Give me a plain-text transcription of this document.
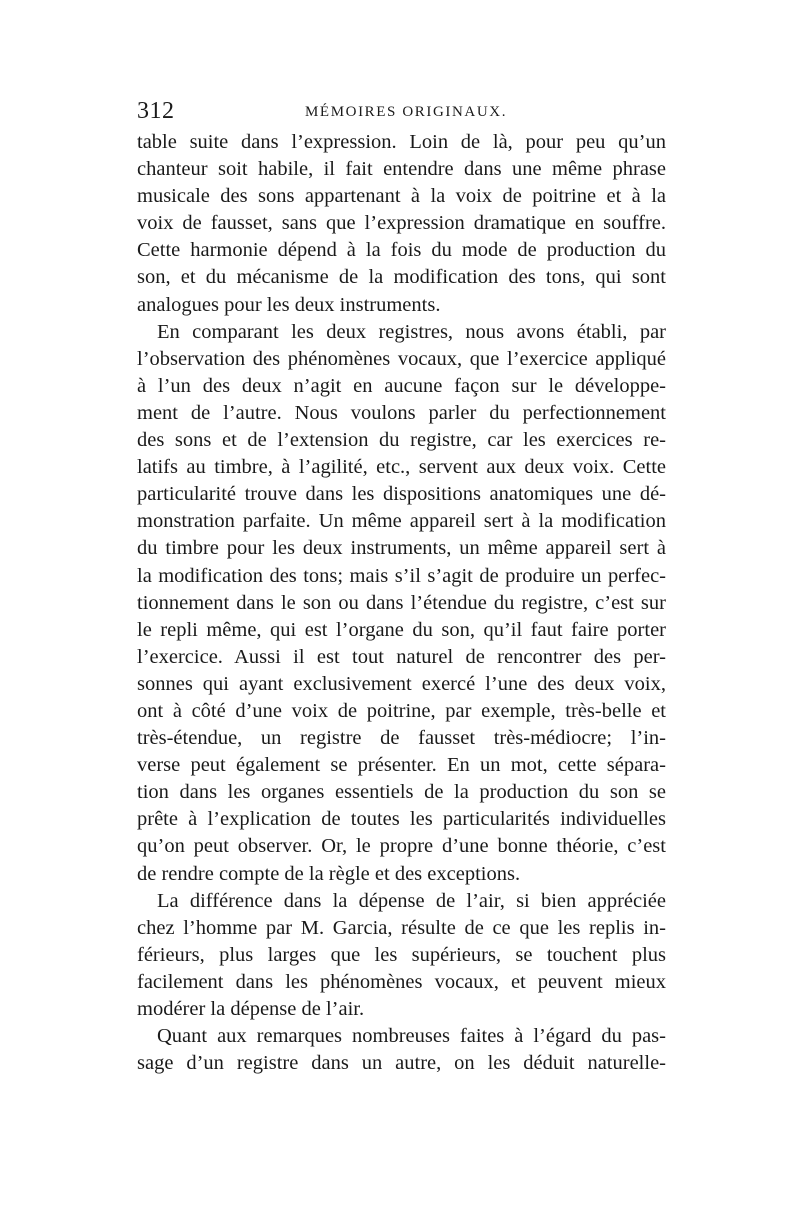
312	MÉMOIRES ORIGINAUX.
table suite dans l’expression. Loin de là, pour peu qu’un
chanteur soit habile, il fait entendre dans une même phrase
musicale des sons appartenant à la voix de poitrine et à la
voix de fausset, sans que l’expression dramatique en souffre.
Cette harmonie dépend à la fois du mode de production du
son, et du mécanisme de la modification des tons, qui sont
analogues pour les deux instruments.
En comparant les deux registres, nous avons établi, par
l’observation des phénomènes vocaux, que l’exercice appliqué
à l’un des deux n’agit en aucune façon sur le développe-
ment de l’autre. Nous voulons parler du perfectionnement
des sons et de l’extension du registre, car les exercices re-
latifs au timbre, à l’agilité, etc., servent aux deux voix. Cette
particularité trouve dans les dispositions anatomiques une dé-
monstration parfaite. Un même appareil sert à la modification
du timbre pour les deux instruments, un même appareil sert à
la modification des tons; mais s’il s’agit de produire un perfec-
tionnement dans le son ou dans l’étendue du registre, c’est sur
le repli même, qui est l’organe du son, qu’il faut faire porter
l’exercice. Aussi il est tout naturel de rencontrer des per-
sonnes qui ayant exclusivement exercé l’une des deux voix,
ont à côté d’une voix de poitrine, par exemple, très-belle et
très-étendue, un registre de fausset très-médiocre; l’in-
verse peut également se présenter. En un mot, cette sépara-
tion dans les organes essentiels de la production du son se
prête à l’explication de toutes les particularités individuelles
qu’on peut observer. Or, le propre d’une bonne théorie, c’est
de rendre compte de la règle et des exceptions.
La différence dans la dépense de l’air, si bien appréciée
chez l’homme par M. Garcia, résulte de ce que les replis in-
férieurs, plus larges que les supérieurs, se touchent plus
facilement dans les phénomènes vocaux, et peuvent mieux
modérer la dépense de l’air.
Quant aux remarques nombreuses faites à l’égard du pas-
sage d’un registre dans un autre, on les déduit naturelle-
